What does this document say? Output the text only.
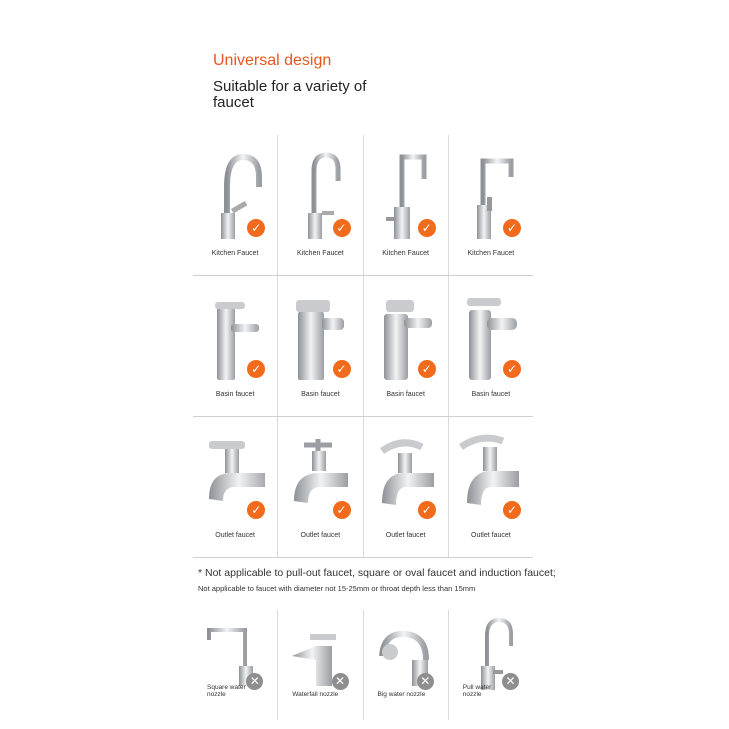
Universal design
Suitable for a variety of faucet
✓
Kitchen Faucet
✓
Kitchen Faucet
✓
Kitchen Faucet
✓
Kitchen Faucet
✓
Basin faucet
✓
Basin faucet
✓
Basin faucet
✓
Basin faucet
✓
Outlet faucet
✓
Outlet faucet
✓
Outlet faucet
✓
Outlet faucet
* Not applicable to pull-out faucet, square or oval faucet and induction faucet;
Not applicable to faucet with diameter not 15-25mm or throat depth less than 15mm
✕
Square water nozzle
✕
Waterfall nozzle
✕
Big water nozzle
✕
Pull water nozzle
